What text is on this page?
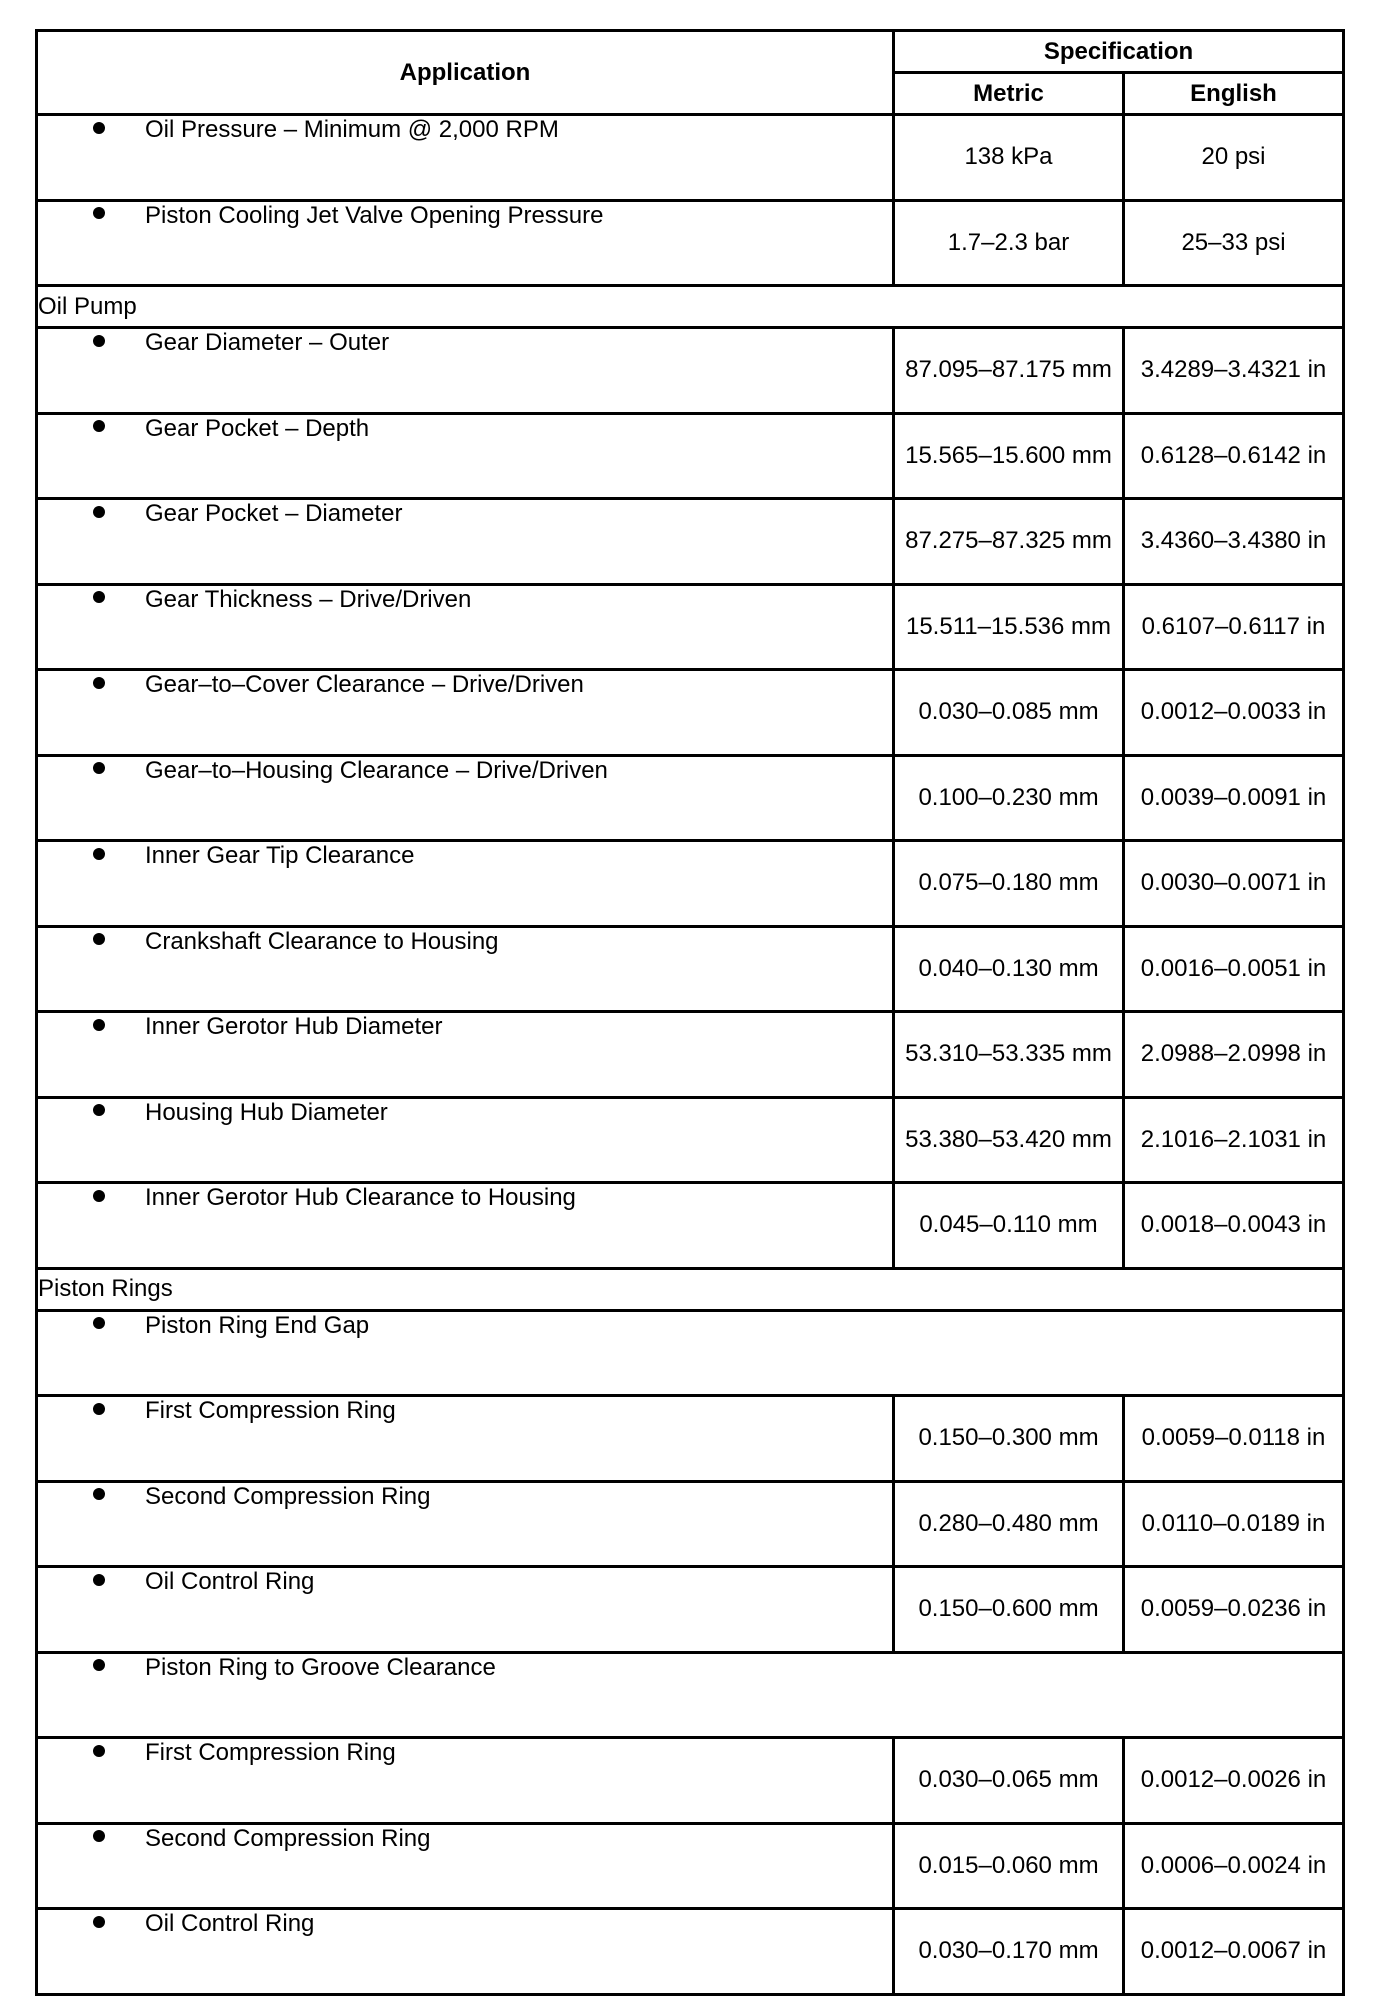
Application	Specification	
	Metric	English
Oil Pressure – Minimum @ 2,000 RPM	138 kPa	20 psi
Piston Cooling Jet Valve Opening Pressure	1.7–2.3 bar	25–33 psi
Oil Pump		
Gear Diameter – Outer	87.095–87.175 mm	3.4289–3.4321 in
Gear Pocket – Depth	15.565–15.600 mm	0.6128–0.6142 in
Gear Pocket – Diameter	87.275–87.325 mm	3.4360–3.4380 in
Gear Thickness – Drive/Driven	15.511–15.536 mm	0.6107–0.6117 in
Gear–to–Cover Clearance – Drive/Driven	0.030–0.085 mm	0.0012–0.0033 in
Gear–to–Housing Clearance – Drive/Driven	0.100–0.230 mm	0.0039–0.0091 in
Inner Gear Tip Clearance	0.075–0.180 mm	0.0030–0.0071 in
Crankshaft Clearance to Housing	0.040–0.130 mm	0.0016–0.0051 in
Inner Gerotor Hub Diameter	53.310–53.335 mm	2.0988–2.0998 in
Housing Hub Diameter	53.380–53.420 mm	2.1016–2.1031 in
Inner Gerotor Hub Clearance to Housing	0.045–0.110 mm	0.0018–0.0043 in
Piston Rings		
Piston Ring End Gap		
First Compression Ring	0.150–0.300 mm	0.0059–0.0118 in
Second Compression Ring	0.280–0.480 mm	0.0110–0.0189 in
Oil Control Ring	0.150–0.600 mm	0.0059–0.0236 in
Piston Ring to Groove Clearance		
First Compression Ring	0.030–0.065 mm	0.0012–0.0026 in
Second Compression Ring	0.015–0.060 mm	0.0006–0.0024 in
Oil Control Ring	0.030–0.170 mm	0.0012–0.0067 in
